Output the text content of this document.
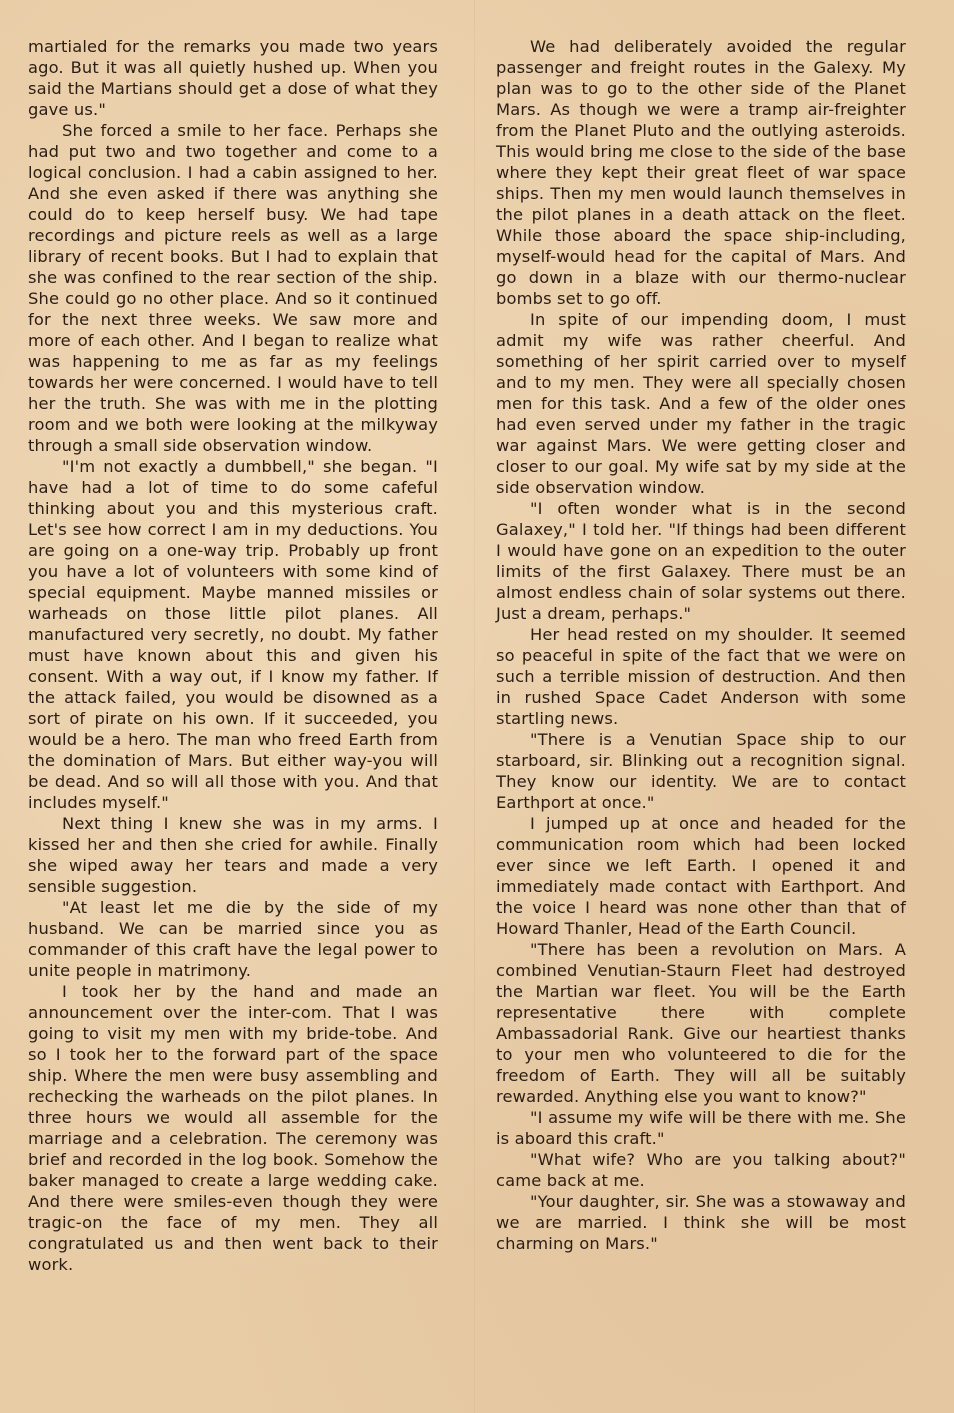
martialed for the remarks you made two years ago. But it was all quietly hushed up. When you said the Martians should get a dose of what they gave us."

She forced a smile to her face. Perhaps she had put two and two together and come to a logical conclusion. I had a cabin assigned to her. And she even asked if there was anything she could do to keep herself busy. We had tape recordings and picture reels as well as a large library of recent books. But I had to explain that she was confined to the rear section of the ship. She could go no other place. And so it continued for the next three weeks. We saw more and more of each other. And I began to realize what was happening to me as far as my feelings towards her were concerned. I would have to tell her the truth. She was with me in the plotting room and we both were looking at the milkyway through a small side observation window.

"I'm not exactly a dumbbell," she began. "I have had a lot of time to do some cafeful thinking about you and this mysterious craft. Let's see how correct I am in my deductions. You are going on a one-way trip. Probably up front you have a lot of volunteers with some kind of special equipment. Maybe manned missiles or warheads on those little pilot planes. All manufactured very secretly, no doubt. My father must have known about this and given his consent. With a way out, if I know my father. If the attack failed, you would be disowned as a sort of pirate on his own. If it succeeded, you would be a hero. The man who freed Earth from the domination of Mars. But either way-you will be dead. And so will all those with you. And that includes myself."

Next thing I knew she was in my arms. I kissed her and then she cried for awhile. Finally she wiped away her tears and made a very sensible suggestion.

"At least let me die by the side of my husband. We can be married since you as commander of this craft have the legal power to unite people in matrimony.

I took her by the hand and made an announcement over the inter-com. That I was going to visit my men with my bride-tobe. And so I took her to the forward part of the space ship. Where the men were busy assembling and rechecking the warheads on the pilot planes. In three hours we would all assemble for the marriage and a celebration. The ceremony was brief and recorded in the log book. Somehow the baker managed to create a large wedding cake. And there were smiles-even though they were tragic-on the face of my men. They all congratulated us and then went back to their work.

We had deliberately avoided the regular passenger and freight routes in the Galexy. My plan was to go to the other side of the Planet Mars. As though we were a tramp air-freighter from the Planet Pluto and the outlying asteroids. This would bring me close to the side of the base where they kept their great fleet of war space ships. Then my men would launch themselves in the pilot planes in a death attack on the fleet. While those aboard the space ship-including, myself-would head for the capital of Mars. And go down in a blaze with our thermo-nuclear bombs set to go off.

In spite of our impending doom, I must admit my wife was rather cheerful. And something of her spirit carried over to myself and to my men. They were all specially chosen men for this task. And a few of the older ones had even served under my father in the tragic war against Mars. We were getting closer and closer to our goal. My wife sat by my side at the side observation window.

"I often wonder what is in the second Galaxey," I told her. "If things had been different I would have gone on an expedition to the outer limits of the first Galaxey. There must be an almost endless chain of solar systems out there. Just a dream, perhaps."

Her head rested on my shoulder. It seemed so peaceful in spite of the fact that we were on such a terrible mission of destruction. And then in rushed Space Cadet Anderson with some startling news.

"There is a Venutian Space ship to our starboard, sir. Blinking out a recognition signal. They know our identity. We are to contact Earthport at once."

I jumped up at once and headed for the communication room which had been locked ever since we left Earth. I opened it and immediately made contact with Earthport. And the voice I heard was none other than that of Howard Thanler, Head of the Earth Council.

"There has been a revolution on Mars. A combined Venutian-Staurn Fleet had destroyed the Martian war fleet. You will be the Earth representative there with complete Ambassadorial Rank. Give our heartiest thanks to your men who volunteered to die for the freedom of Earth. They will all be suitably rewarded. Anything else you want to know?"

"I assume my wife will be there with me. She is aboard this craft."

"What wife? Who are you talking about?" came back at me.

"Your daughter, sir. She was a stowaway and we are married. I think she will be most charming on Mars."
